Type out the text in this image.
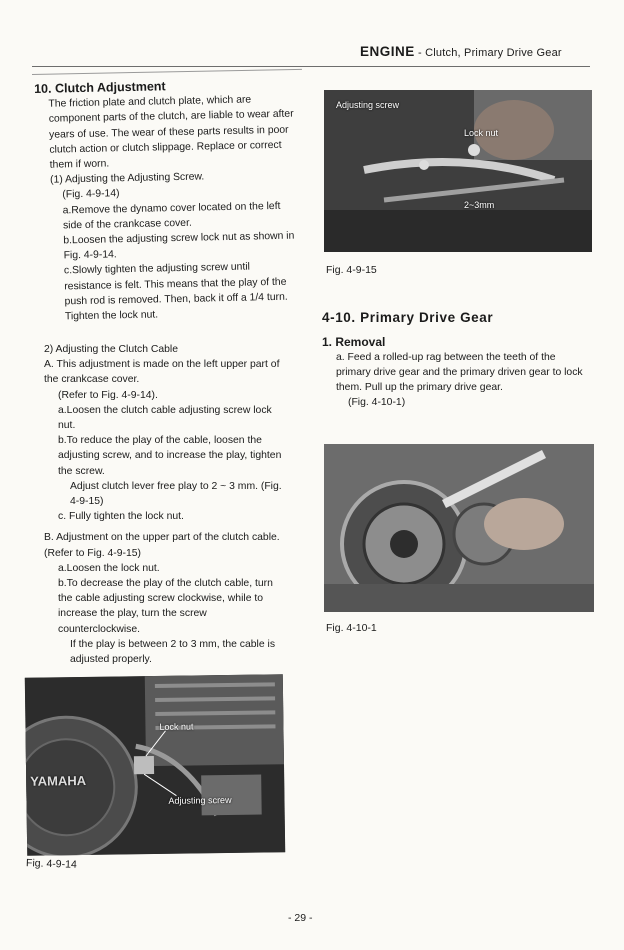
ENGINE - Clutch, Primary Drive Gear

10. Clutch Adjustment

The friction plate and clutch plate, which are component parts of the clutch, are liable to wear after years of use. The wear of these parts results in poor clutch action or clutch slippage. Replace or correct them if worn.

(1) Adjusting the Adjusting Screw.

(Fig. 4-9-14)

a.Remove the dynamo cover located on the left side of the crankcase cover.

b.Loosen the adjusting screw lock nut as shown in Fig. 4-9-14.

c.Slowly tighten the adjusting screw until resistance is felt. This means that the play of the push rod is removed. Then, back it off a 1/4 turn. Tighten the lock nut.

2) Adjusting the Clutch Cable

A. This adjustment is made on the left upper part of the crankcase cover.

(Refer to Fig. 4-9-14).

a.Loosen the clutch cable adjusting screw lock nut.

b.To reduce the play of the cable, loosen the adjusting screw, and to increase the play, tighten the screw.

Adjust clutch lever free play to 2 ~ 3 mm. (Fig. 4-9-15)

c. Fully tighten the lock nut.

B. Adjustment on the upper part of the clutch cable. (Refer to Fig. 4-9-15)

a.Loosen the lock nut.

b.To decrease the play of the clutch cable, turn the cable adjusting screw clockwise, while to increase the play, turn the screw counterclockwise.

If the play is between 2 to 3 mm, the cable is adjusted properly.

YAMAHA
Lock nut
Adjusting screw
Fig. 4-9-14
Adjusting screw
Lock nut
2~3mm
Fig. 4-9-15

4-10. Primary Drive Gear

1. Removal

a. Feed a rolled-up rag between the teeth of the primary drive gear and the primary driven gear to lock them. Pull up the primary drive gear.

(Fig. 4-10-1)

Fig. 4-10-1
- 29 -
